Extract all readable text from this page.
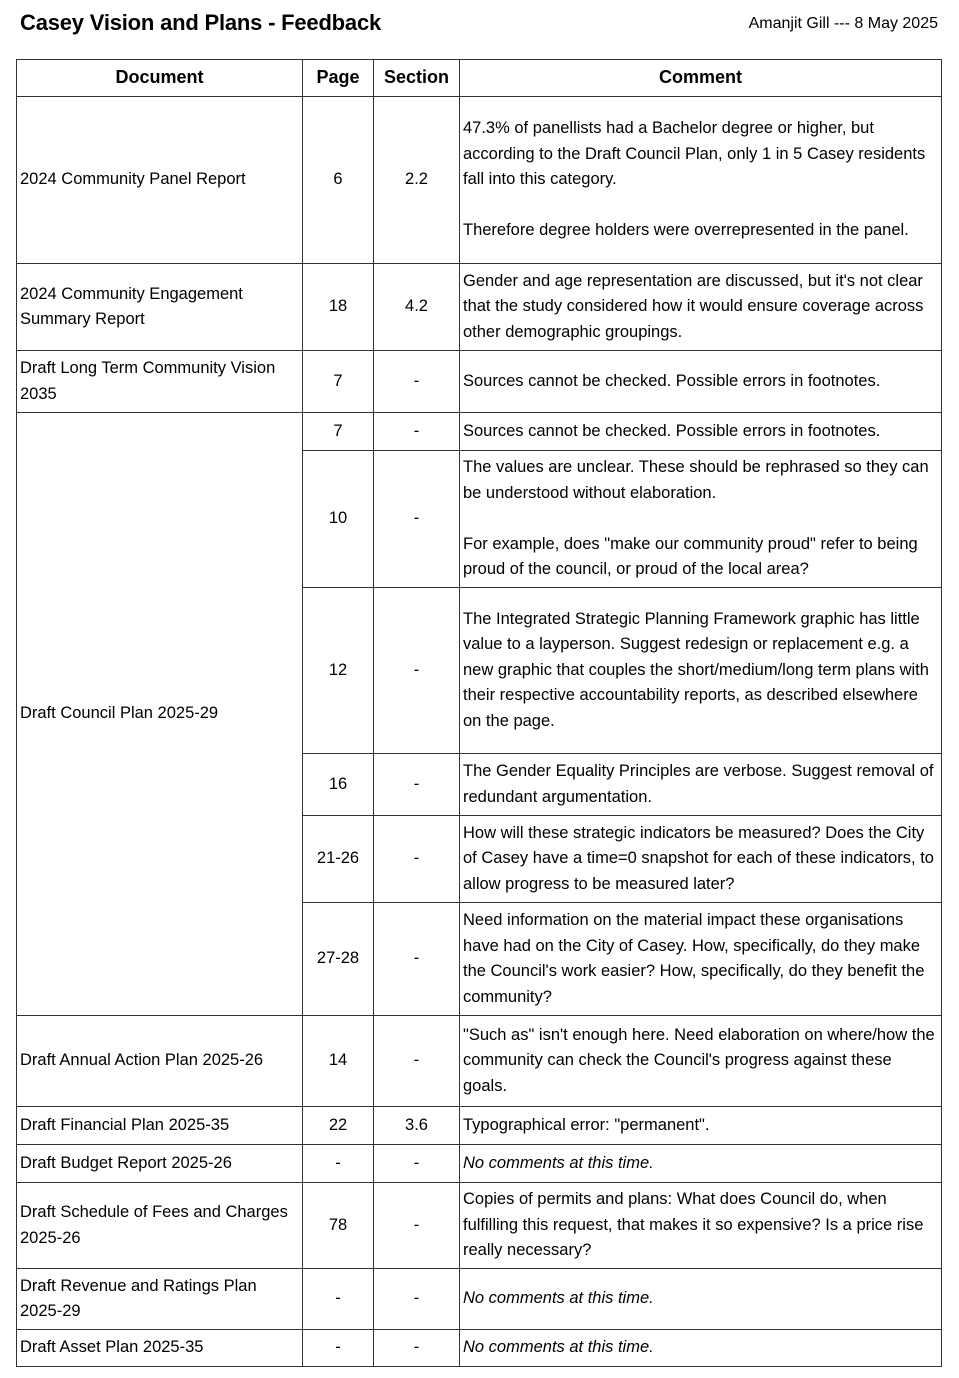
Casey Vision and Plans - Feedback	Amanjit Gill --- 8 May 2025
Document	Page	Section	Comment
2024 Community Panel Report	6	2.2	47.3% of panellists had a Bachelor degree or higher, but according to the Draft Council Plan, only 1 in 5 Casey residents fall into this category.

Therefore degree holders were overrepresented in the panel.
2024 Community Engagement Summary Report	18	4.2	Gender and age representation are discussed, but it's not clear that the study considered how it would ensure coverage across other demographic groupings.
Draft Long Term Community Vision 2035	7	-	Sources cannot be checked. Possible errors in footnotes.
Draft Council Plan 2025-29	7	-	Sources cannot be checked. Possible errors in footnotes.
	10	-	The values are unclear. These should be rephrased so they can be understood without elaboration.

For example, does "make our community proud" refer to being proud of the council, or proud of the local area?
	12	-	The Integrated Strategic Planning Framework graphic has little value to a layperson. Suggest redesign or replacement e.g. a new graphic that couples the short/medium/long term plans with their respective accountability reports, as described elsewhere on the page.
	16	-	The Gender Equality Principles are verbose. Suggest removal of redundant argumentation.
	21-26	-	How will these strategic indicators be measured? Does the City of Casey have a time=0 snapshot for each of these indicators, to allow progress to be measured later?
	27-28	-	Need information on the material impact these organisations have had on the City of Casey. How, specifically, do they make the Council's work easier? How, specifically, do they benefit the community?
Draft Annual Action Plan 2025-26	14	-	"Such as" isn't enough here. Need elaboration on where/how the community can check the Council's progress against these goals.
Draft Financial Plan 2025-35	22	3.6	Typographical error: "permanent".
Draft Budget Report 2025-26	-	-	No comments at this time.
Draft Schedule of Fees and Charges 2025-26	78	-	Copies of permits and plans: What does Council do, when fulfilling this request, that makes it so expensive? Is a price rise really necessary?
Draft Revenue and Ratings Plan 2025-29	-	-	No comments at this time.
Draft Asset Plan 2025-35	-	-	No comments at this time.
